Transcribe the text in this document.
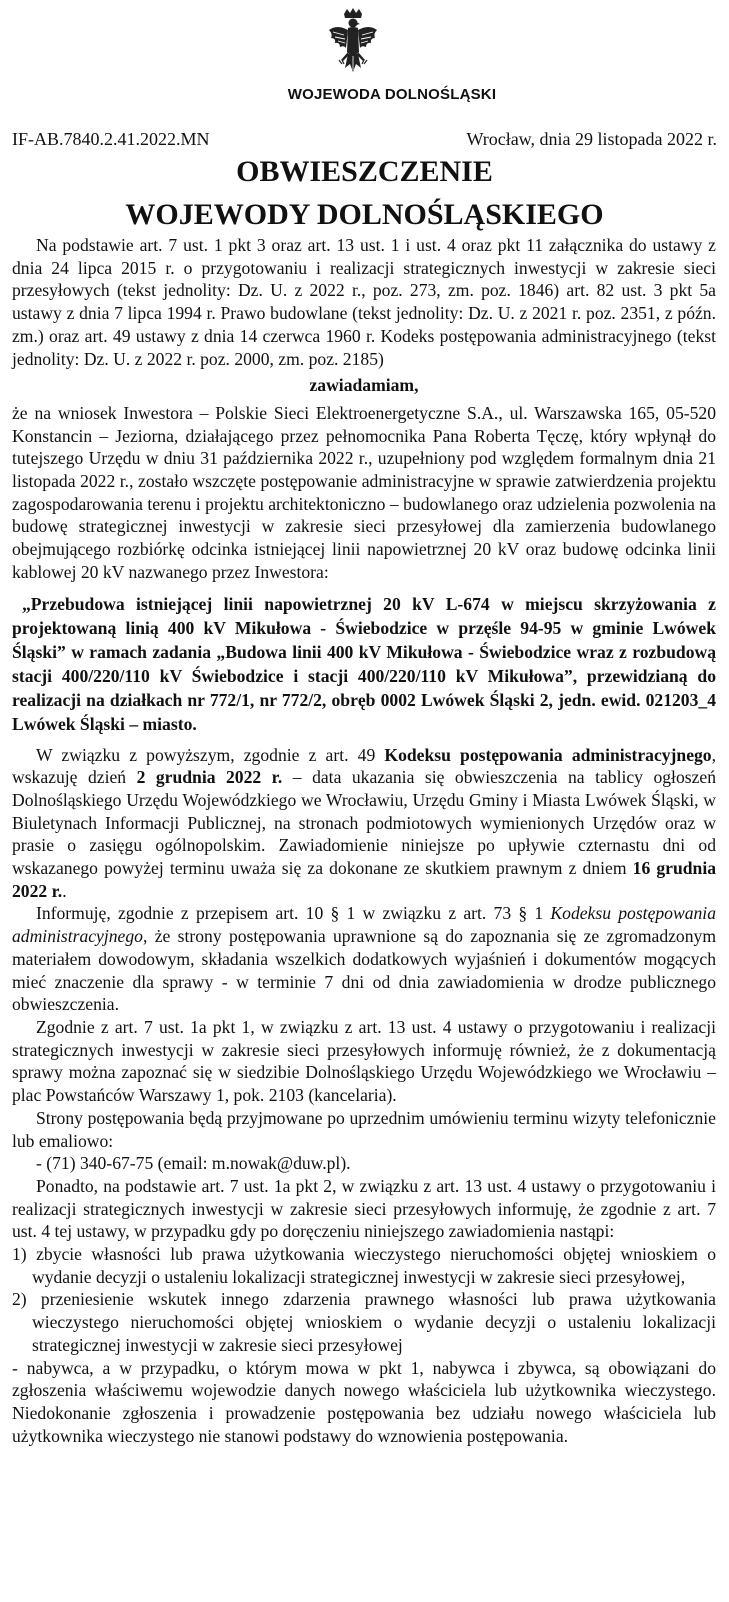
WOJEWODA DOLNOŚLĄSKI
IF-AB.7840.2.41.2022.MN	Wrocław, dnia 29 listopada 2022 r.
OBWIESZCZENIE
WOJEWODY DOLNOŚLĄSKIEGO

Na podstawie art. 7 ust. 1 pkt 3 oraz art. 13 ust. 1 i ust. 4 oraz pkt 11 załącznika do ustawy z dnia 24 lipca 2015 r. o przygotowaniu i realizacji strategicznych inwestycji w zakresie sieci przesyłowych (tekst jednolity: Dz. U. z 2022 r., poz. 273, zm. poz. 1846) art. 82 ust. 3 pkt 5a ustawy z dnia 7 lipca 1994 r. Prawo budowlane (tekst jednolity: Dz. U. z 2021 r. poz. 2351, z późn. zm.) oraz art. 49 ustawy z dnia 14 czerwca 1960 r. Kodeks postępowania administracyjnego (tekst jednolity: Dz. U. z 2022 r. poz. 2000, zm. poz. 2185)

zawiadamiam,

że na wniosek Inwestora – Polskie Sieci Elektroenergetyczne S.A., ul. Warszawska 165, 05-520 Konstancin – Jeziorna, działającego przez pełnomocnika Pana Roberta Tęczę, który wpłynął do tutejszego Urzędu w dniu 31 października 2022 r., uzupełniony pod względem formalnym dnia 21 listopada 2022 r., zostało wszczęte postępowanie administracyjne w sprawie zatwierdzenia projektu zagospodarowania terenu i projektu architektoniczno – budowlanego oraz udzielenia pozwolenia na budowę strategicznej inwestycji w zakresie sieci przesyłowej dla zamierzenia budowlanego obejmującego rozbiórkę odcinka istniejącej linii napowietrznej 20 kV oraz budowę odcinka linii kablowej 20 kV nazwanego przez Inwestora:

„Przebudowa istniejącej linii napowietrznej 20 kV L-674 w miejscu skrzyżowania z projektowaną linią 400 kV Mikułowa - Świebodzice w przęśle 94-95 w gminie Lwówek Śląski” w ramach zadania „Budowa linii 400 kV Mikułowa - Świebodzice wraz z rozbudową stacji 400/220/110 kV Świebodzice i stacji 400/220/110 kV Mikułowa”, przewidzianą do realizacji na działkach nr 772/1, nr 772/2, obręb 0002 Lwówek Śląski 2, jedn. ewid. 021203_4 Lwówek Śląski – miasto.

W związku z powyższym, zgodnie z art. 49 Kodeksu postępowania administracyjnego, wskazuję dzień 2 grudnia 2022 r. – data ukazania się obwieszczenia na tablicy ogłoszeń Dolnośląskiego Urzędu Wojewódzkiego we Wrocławiu, Urzędu Gminy i Miasta Lwówek Śląski, w Biuletynach Informacji Publicznej, na stronach podmiotowych wymienionych Urzędów oraz w prasie o zasięgu ogólnopolskim. Zawiadomienie niniejsze po upływie czternastu dni od wskazanego powyżej terminu uważa się za dokonane ze skutkiem prawnym z dniem 16 grudnia 2022 r..

Informuję, zgodnie z przepisem art. 10 § 1 w związku z art. 73 § 1 Kodeksu postępowania administracyjnego, że strony postępowania uprawnione są do zapoznania się ze zgromadzonym materiałem dowodowym, składania wszelkich dodatkowych wyjaśnień i dokumentów mogących mieć znaczenie dla sprawy - w terminie 7 dni od dnia zawiadomienia w drodze publicznego obwieszczenia.

Zgodnie z art. 7 ust. 1a pkt 1, w związku z art. 13 ust. 4 ustawy o przygotowaniu i realizacji strategicznych inwestycji w zakresie sieci przesyłowych informuję również, że z dokumentacją sprawy można zapoznać się w siedzibie Dolnośląskiego Urzędu Wojewódzkiego we Wrocławiu – plac Powstańców Warszawy 1, pok. 2103 (kancelaria).

Strony postępowania będą przyjmowane po uprzednim umówieniu terminu wizyty telefonicznie lub emaliowo:

- (71) 340-67-75 (email: m.nowak@duw.pl).

Ponadto, na podstawie art. 7 ust. 1a pkt 2, w związku z art. 13 ust. 4 ustawy o przygotowaniu i realizacji strategicznych inwestycji w zakresie sieci przesyłowych informuję, że zgodnie z art. 7 ust. 4 tej ustawy, w przypadku gdy po doręczeniu niniejszego zawiadomienia nastąpi:

1) zbycie własności lub prawa użytkowania wieczystego nieruchomości objętej wnioskiem o wydanie decyzji o ustaleniu lokalizacji strategicznej inwestycji w zakresie sieci przesyłowej,

2) przeniesienie wskutek innego zdarzenia prawnego własności lub prawa użytkowania wieczystego nieruchomości objętej wnioskiem o wydanie decyzji o ustaleniu lokalizacji strategicznej inwestycji w zakresie sieci przesyłowej

- nabywca, a w przypadku, o którym mowa w pkt 1, nabywca i zbywca, są obowiązani do zgłoszenia właściwemu wojewodzie danych nowego właściciela lub użytkownika wieczystego. Niedokonanie zgłoszenia i prowadzenie postępowania bez udziału nowego właściciela lub użytkownika wieczystego nie stanowi podstawy do wznowienia postępowania.
